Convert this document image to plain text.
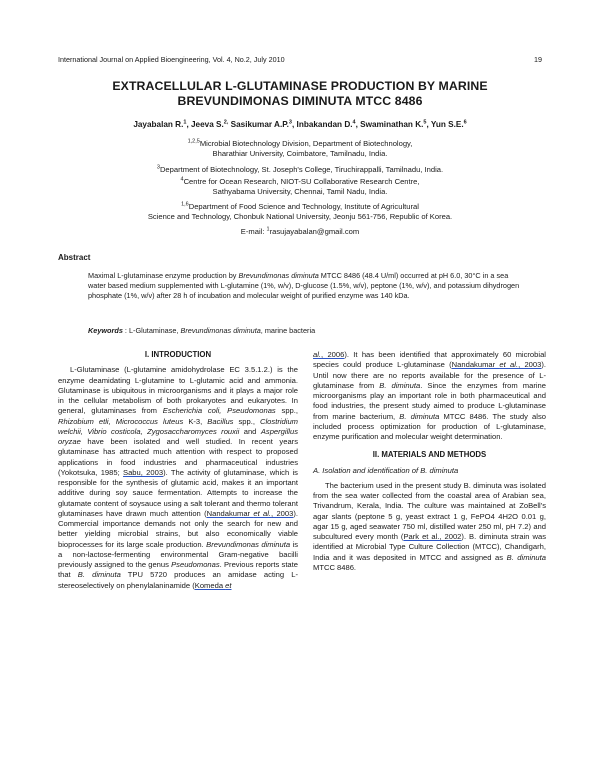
International Journal on Applied Bioengineering, Vol. 4, No.2, July 2010	19
EXTRACELLULAR L-GLUTAMINASE PRODUCTION BY MARINE
BREVUNDIMONAS DIMINUTA MTCC 8486
Jayabalan R.$^1$, Jeeva S.$^{2,}$ Sasikumar A.P.$^3$, Inbakandan D.$^4$, Swaminathan K.$^5$, Yun S.E.$^6$
$^{1,2,5}$Microbial Biotechnology Division, Department of Biotechnology,
Bharathiar University, Coimbatore, Tamilnadu, India.
$^3$Department of Biotechnology, St. Joseph's College, Tiruchirappalli, Tamilnadu, India.
$^4$Centre for Ocean Research, NIOT-SU Collaborative Research Centre,
Sathyabama University, Chennai, Tamil Nadu, India.
$^{1,6}$Department of Food Science and Technology, Institute of Agricultural
Science and Technology, Chonbuk National University, Jeonju 561-756, Republic of Korea.
E-mail: $^1$rasujayabalan@gmail.com
Abstract
Maximal L-glutaminase enzyme production by Brevundimonas diminuta MTCC 8486 (48.4 U/ml) occurred at pH 6.0, 30°C in a sea water based medium supplemented with L-glutamine (1%, w/v), D-glucose (1.5%, w/v), peptone (1%, w/v), and potassium dihydrogen phosphate (1%, w/v) after 28 h of incubation and molecular weight of purified enzyme was 140 kDa.
Keywords : L-Glutaminase, Brevundimonas diminuta, marine bacteria
I. INTRODUCTION

L-Glutaminase (L-glutamine amidohydrolase EC 3.5.1.2.) is the enzyme deamidating L-glutamine to L-glutamic acid and ammonia. Glutaminase is ubiquitous in microorganisms and it plays a major role in the cellular metabolism of both prokaryotes and eukaryotes. In general, glutaminases from Escherichia coli, Pseudomonas spp., Rhizobium etli, Micrococcus luteus K-3, Bacillus spp., Clostridium welchii, Vibrio costicola, Zygosaccharomyces rouxii and Aspergillus oryzae have been isolated and well studied. In recent years glutaminase has attracted much attention with respect to proposed applications in food industries and pharmaceutical industries (Yokotsuka, 1985; Sabu, 2003). The activity of glutaminase, which is responsible for the synthesis of glutamic acid, makes it an important additive during soy sauce fermentation. Attempts to increase the glutamate content of soysauce using a salt tolerant and thermo tolerant glutaminases have drawn much attention (Nandakumar et al., 2003). Commercial importance demands not only the search for new and better yielding microbial strains, but also economically viable bioprocesses for its large scale production. Brevundimonas diminuta is a non-lactose-fermenting environmental Gram-negative bacilli previously assigned to the genus Pseudomonas. Previous reports state that B. diminuta TPU 5720 produces an amidase acting L-stereoselectively on phenylalaninamide (Komeda et

al., 2006). It has been identified that approximately 60 microbial species could produce L-glutaminase (Nandakumar et al., 2003). Until now there are no reports available for the presence of L-glutaminase from B. diminuta. Since the enzymes from marine microorganisms play an important role in both pharmaceutical and food industries, the present study aimed to produce L-glutaminase from marine bacterium, B. diminuta MTCC 8486. The study also included process optimization for production of L-glutaminase, enzyme purification and molecular weight determination.

II. MATERIALS AND METHODS
A. Isolation and identification of B. diminuta

The bacterium used in the present study B. diminuta was isolated from the sea water collected from the coastal area of Arabian sea, Trivandrum, Kerala, India. The culture was maintained at ZoBell's agar slants (peptone 5 g, yeast extract 1 g, FePO4 4H2O 0.01 g, agar 15 g, aged seawater 750 ml, distilled water 250 ml, pH 7.2) and subcultured every month (Park et al., 2002). B. diminuta strain was identified at Microbial Type Culture Collection (MTCC), Chandigarh, India and it was deposited in MTCC and assigned as B. diminuta MTCC 8486.
